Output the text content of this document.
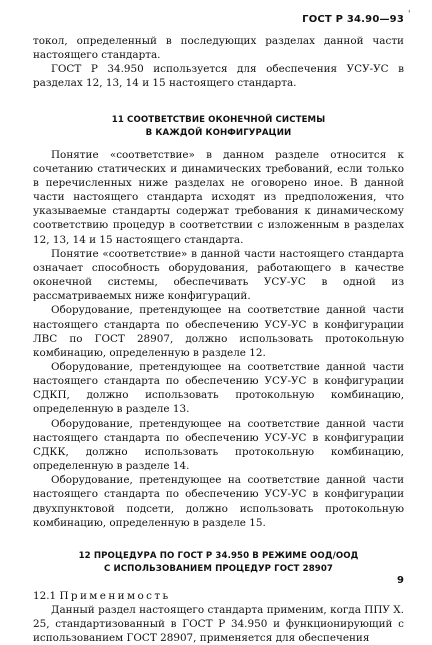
ГОСТ Р 34.90—93 '

токол, определенный в последующих разделах данной части настоящего стандарта.

ГОСТ Р 34.950 используется для обеспечения УСУ-УС в разделах 12, 13, 14 и 15 настоящего стандарта.

11 СООТВЕТСТВИЕ ОКОНЕЧНОЙ СИСТЕМЫ
В КАЖДОЙ КОНФИГУРАЦИИ

Понятие «соответствие» в данном разделе относится к сочетанию статических и динамических требований, если только в перечисленных ниже разделах не оговорено иное. В данной части настоящего стандарта исходят из предположения, что указываемые стандарты содержат требования к динамическому соответствию процедур в соответствии с изложенным в разделах 12, 13, 14 и 15 настоящего стандарта.

Понятие «соответствие» в данной части настоящего стандарта означает способность оборудования, работающего в качестве оконечной системы, обеспечивать УСУ-УС в одной из рассматриваемых ниже конфигураций.

Оборудование, претендующее на соответствие данной части настоящего стандарта по обеспечению УСУ-УС в конфигурации ЛВС по ГОСТ 28907, должно использовать протокольную комбинацию, определенную в разделе 12.

Оборудование, претендующее на соответствие данной части настоящего стандарта по обеспечению УСУ-УС в конфигурации СДКП, должно использовать протокольную комбинацию, определенную в разделе 13.

Оборудование, претендующее на соответствие данной части настоящего стандарта по обеспечению УСУ-УС в конфигурации СДКК, должно использовать протокольную комбинацию, определенную в разделе 14.

Оборудование, претендующее на соответствие данной части настоящего стандарта по обеспечению УСУ-УС в конфигурации двухпунктовой подсети, должно использовать протокольную комбинацию, определенную в разделе 15.

12 ПРОЦЕДУРА ПО ГОСТ Р 34.950 В РЕЖИМЕ ООД/ООД
С ИСПОЛЬЗОВАНИЕМ ПРОЦЕДУР ГОСТ 28907

12.1 Применимость

Данный раздел настоящего стандарта применим, когда ППУ Х. 25, стандартизованный в ГОСТ Р 34.950 и функционирующий с использованием ГОСТ 28907, применяется для обеспечения

9
